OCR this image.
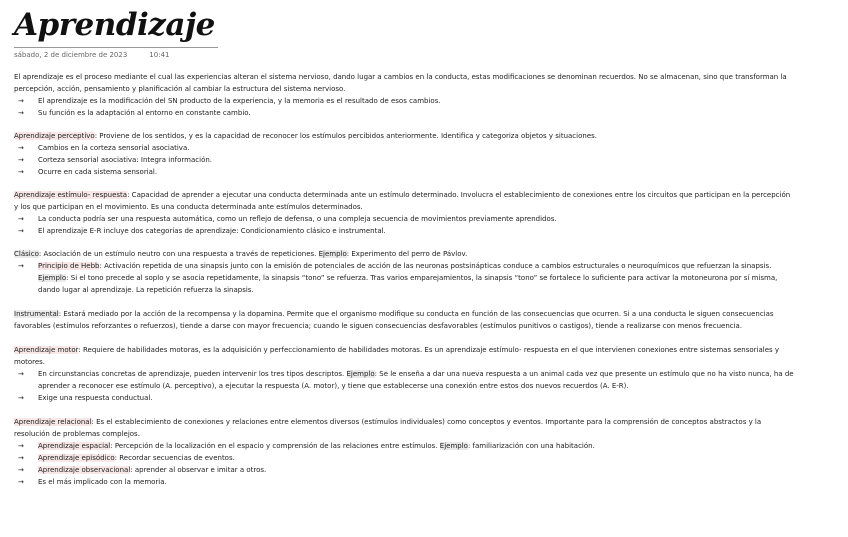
Aprendizaje
sábado, 2 de diciembre de 2023	10:41
El aprendizaje es el proceso mediante el cual las experiencias alteran el sistema nervioso, dando lugar a cambios en la conducta, estas modificaciones se denominan recuerdos. No se almacenan, sino que transforman la percepción, acción, pensamiento y planificación al cambiar la estructura del sistema nervioso.
→ El aprendizaje es la modificación del SN producto de la experiencia, y la memoria es el resultado de esos cambios.
→ Su función es la adaptación al entorno en constante cambio.
Aprendizaje perceptivo: Proviene de los sentidos, y es la capacidad de reconocer los estímulos percibidos anteriormente. Identifica y categoriza objetos y situaciones.
→ Cambios en la corteza sensorial asociativa.
→ Corteza sensorial asociativa: Integra información.
→ Ocurre en cada sistema sensorial.
Aprendizaje estímulo- respuesta: Capacidad de aprender a ejecutar una conducta determinada ante un estímulo determinado. Involucra el establecimiento de conexiones entre los circuitos que participan en la percepción y los que participan en el movimiento. Es una conducta determinada ante estímulos determinados.
→ La conducta podría ser una respuesta automática, como un reflejo de defensa, o una compleja secuencia de movimientos previamente aprendidos.
→ El aprendizaje E-R incluye dos categorías de aprendizaje: Condicionamiento clásico e instrumental.
Clásico: Asociación de un estímulo neutro con una respuesta a través de repeticiones. Ejemplo: Experimento del perro de Pávlov.
→ Principio de Hebb: Activación repetida de una sinapsis junto con la emisión de potenciales de acción de las neuronas postsinápticas conduce a cambios estructurales o neuroquímicos que refuerzan la sinapsis. Ejemplo: Si el tono precede al soplo y se asocia repetidamente, la sinapsis “tono” se refuerza. Tras varios emparejamientos, la sinapsis “tono” se fortalece lo suficiente para activar la motoneurona por sí misma, dando lugar al aprendizaje. La repetición refuerza la sinapsis.
Instrumental: Estará mediado por la acción de la recompensa y la dopamina. Permite que el organismo modifique su conducta en función de las consecuencias que ocurren. Si a una conducta le siguen consecuencias favorables (estímulos reforzantes o refuerzos), tiende a darse con mayor frecuencia; cuando le siguen consecuencias desfavorables (estímulos punitivos o castigos), tiende a realizarse con menos frecuencia.
Aprendizaje motor: Requiere de habilidades motoras, es la adquisición y perfeccionamiento de habilidades motoras. Es un aprendizaje estímulo- respuesta en el que intervienen conexiones entre sistemas sensoriales y motores.
→ En circunstancias concretas de aprendizaje, pueden intervenir los tres tipos descriptos. Ejemplo: Se le enseña a dar una nueva respuesta a un animal cada vez que presente un estímulo que no ha visto nunca, ha de aprender a reconocer ese estímulo (A. perceptivo), a ejecutar la respuesta (A. motor), y tiene que establecerse una conexión entre estos dos nuevos recuerdos (A. E-R).
→ Exige una respuesta conductual.
Aprendizaje relacional: Es el establecimiento de conexiones y relaciones entre elementos diversos (estímulos individuales) como conceptos y eventos. Importante para la comprensión de conceptos abstractos y la resolución de problemas complejos.
→ Aprendizaje espacial: Percepción de la localización en el espacio y comprensión de las relaciones entre estímulos. Ejemplo: familiarización con una habitación.
→ Aprendizaje episódico: Recordar secuencias de eventos.
→ Aprendizaje observacional: aprender al observar e imitar a otros.
→ Es el más implicado con la memoria.
